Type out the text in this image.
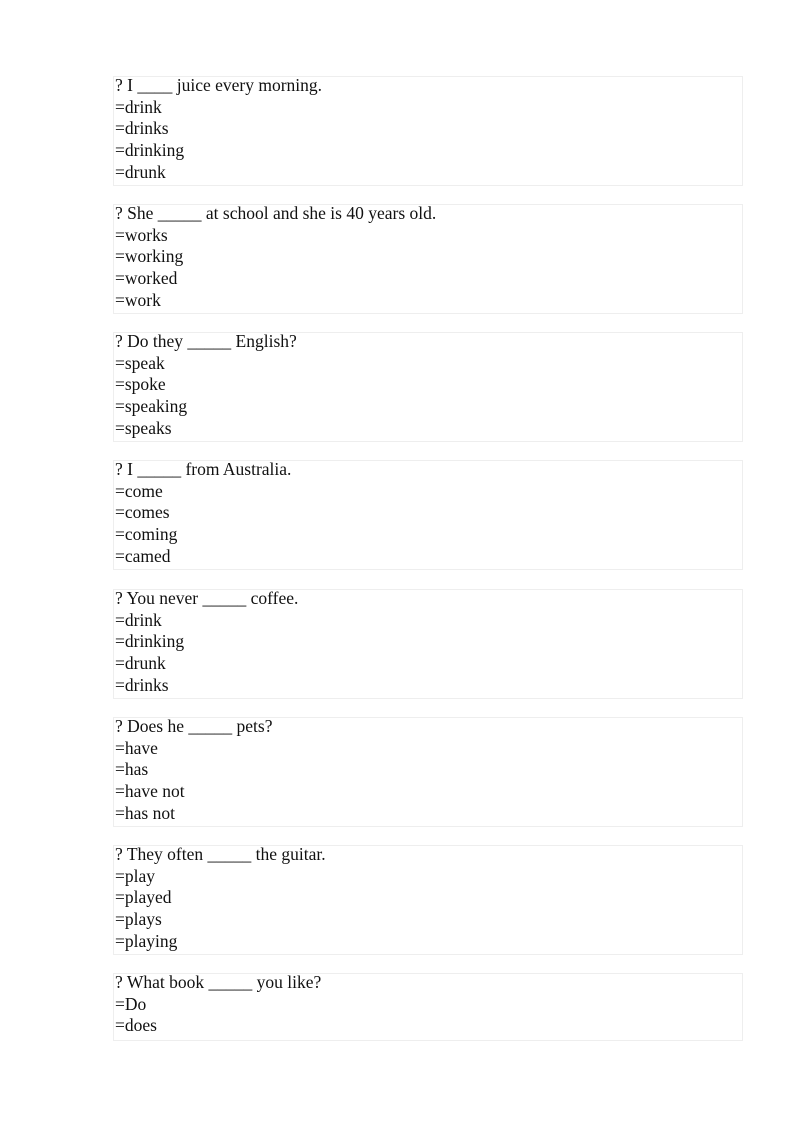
? I ____ juice every morning.
=drink
=drinks
=drinking
=drunk
? She _____ at school and she is 40 years old.
=works
=working
=worked
=work
? Do they _____ English?
=speak
=spoke
=speaking
=speaks
? I _____ from Australia.
=come
=comes
=coming
=camed
? You never _____ coffee.
=drink
=drinking
=drunk
=drinks
? Does he _____ pets?
=have
=has
=have not
=has not
? They often _____ the guitar.
=play
=played
=plays
=playing
? What book _____ you like?
=Do
=does
